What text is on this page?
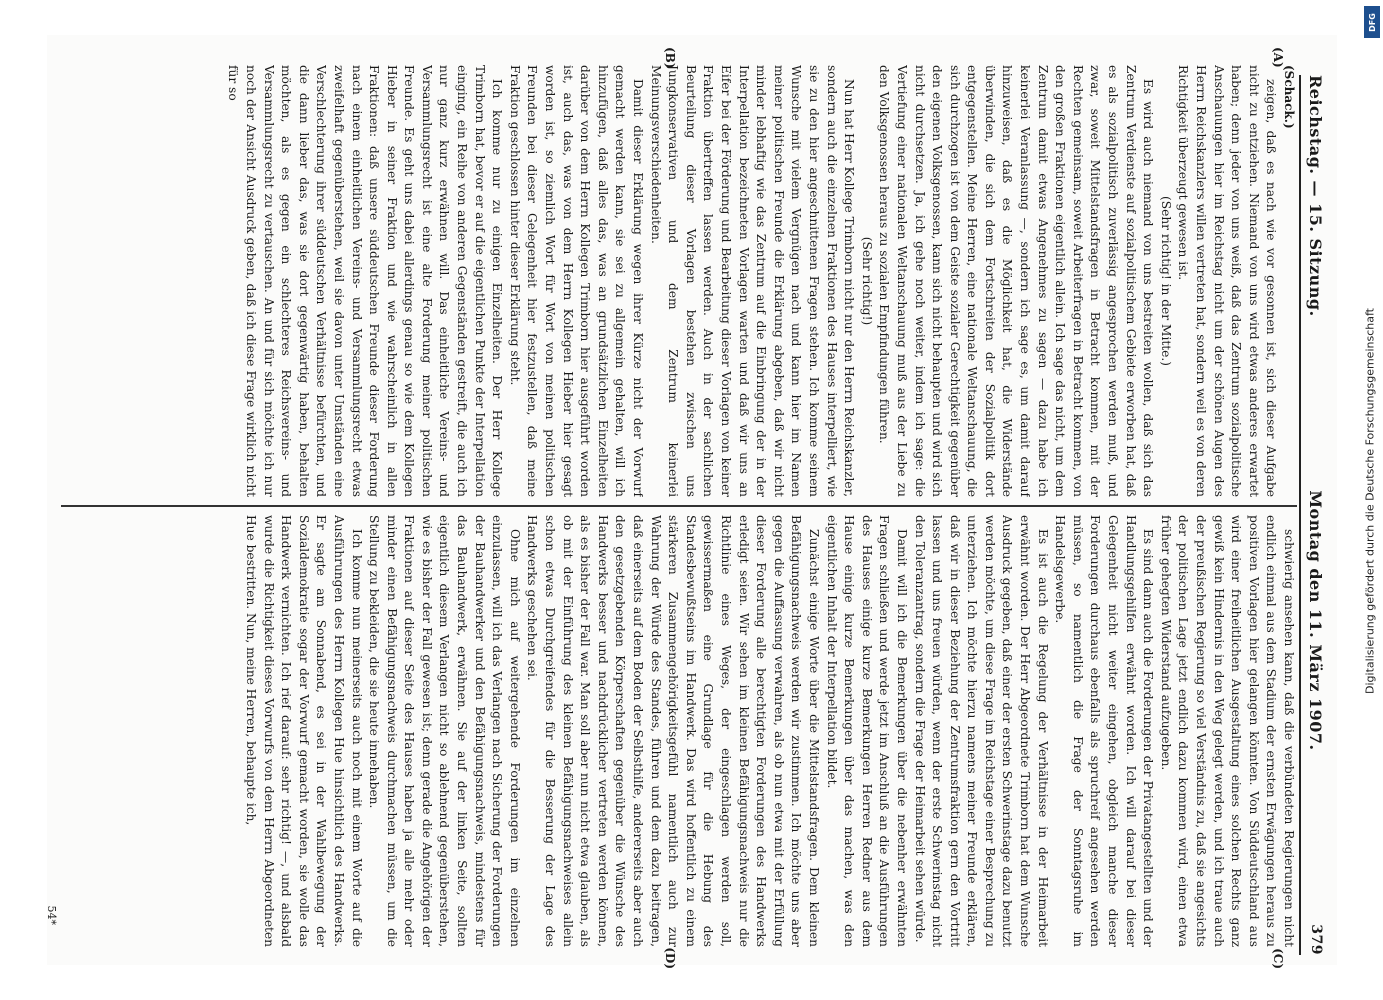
Reichstag. — 15. Sitzung.
Montag den 11. März 1907.
379
(A)
(B)
(C)
(D)
(Schack.)

zeigen, daß es nach wie vor gesonnen ist, sich dieser Aufgabe nicht zu entziehen. Niemand von uns wird etwas anderes erwartet haben; denn jeder von uns weiß, daß das Zentrum sozialpolitische Anschauungen hier im Reichstag nicht um der schönen Augen des Herrn Reichskanzlers willen vertreten hat, sondern weil es von deren Richtigkeit überzeugt gewesen ist.

(Sehr richtig! in der Mitte.)

Es wird auch niemand von uns bestreiten wollen, daß sich das Zentrum Verdienste auf sozialpolitischem Gebiete erworben hat, daß es als sozialpolitisch zuverlässig angesprochen werden muß, und zwar, soweit Mittelstandsfragen in Betracht kommen, mit der Rechten gemeinsam, soweit Arbeiterfragen in Betracht kommen, von den großen Fraktionen eigentlich allein. Ich sage das nicht, um dem Zentrum damit etwas Angenehmes zu sagen — dazu habe ich keinerlei Veranlassung —, sondern ich sage es, um damit darauf hinzuweisen, daß es die Möglichkeit hat, die Widerstände überwinden, die sich dem Fortschreiten der Sozialpolitik dort entgegenstellen. Meine Herren, eine nationale Weltanschauung, die sich durchzogen ist von dem Geiste sozialer Gerechtigkeit gegenüber den eigenen Volksgenossen, kann sich nicht behaupten und wird sich nicht durchsetzen. Ja, ich gehe noch weiter, indem ich sage: die Vertiefung einer nationalen Weltanschauung muß aus der Liebe zu den Volksgenossen heraus zu sozialen Empfindungen führen.

(Sehr richtig!)

Nun hat Herr Kollege Trimborn nicht nur den Herrn Reichskanzler, sondern auch die einzelnen Fraktionen des Hauses interpelliert, wie sie zu den hier angeschnittenen Fragen stehen. Ich komme seinem Wunsche mit vielem Vergnügen nach und kann hier im Namen meiner politischen Freunde die Erklärung abgeben, daß wir nicht minder lebhaftig wie das Zentrum auf die Einbringung der in der Interpellation bezeichneten Vorlagen warten und daß wir uns an Eifer bei der Förderung und Bearbeitung dieser Vorlagen von keiner Fraktion übertreffen lassen werden. Auch in der sachlichen Beurteilung dieser Vorlagen bestehen zwischen uns Jungkonservativen und dem Zentrum keinerlei Meinungsverschiedenheiten.

Damit dieser Erklärung wegen ihrer Kürze nicht der Vorwurf gemacht werden kann, sie sei zu allgemein gehalten, will ich hinzufügen, daß alles das, was an grundsätzlichen Einzelheiten darüber von dem Herrn Kollegen Trimborn hier ausgeführt worden ist, auch das, was von dem Herrn Kollegen Hieber hier gesagt worden ist, so ziemlich Wort für Wort von meinen politischen Freunden bei dieser Gelegenheit hier festzustellen, daß meine Fraktion geschlossen hinter dieser Erklärung steht.

Ich komme nur zu einigen Einzelheiten. Der Herr Kollege Trimborn hat, bevor er auf die eigentlichen Punkte der Interpellation einging, ein Reihe von anderen Gegenständen gestreift, die auch ich nur ganz kurz erwähnen will. Das einheitliche Vereins- und Versammlungsrecht ist eine alte Forderung meiner politischen Freunde. Es geht uns dabei allerdings genau so wie dem Kollegen Hieber in seiner Fraktion und wie wahrscheinlich in allen Fraktionen: daß unsere süddeutschen Freunde dieser Forderung nach einem einheitlichen Vereins- und Versammlungsrecht etwas zweifelhaft gegenüberstehen, weil sie davon unter Umständen eine Verschlechterung ihrer süddeutschen Verhältnisse befürchten, und die dann lieber das, was sie dort gegenwärtig haben, behalten möchten, als es gegen ein schlechteres Reichsvereins- und Versammlungsrecht zu vertauschen. An und für sich möchte ich nur noch der Ansicht Ausdruck geben, daß ich diese Frage wirklich nicht für so

schwierig ansehen kann, daß die verbündeten Regierungen nicht endlich einmal aus dem Stadium der ernsten Erwägungen heraus zu positiven Vorlagen hier gelangen könnten. Von Süddeutschland aus wird einer freiheitlichen Ausgestaltung eines solchen Rechts ganz gewiß kein Hindernis in den Weg gelegt werden, und ich traue auch der preußischen Regierung so viel Verständnis zu, daß sie angesichts der politischen Lage jetzt endlich dazu kommen wird, einen etwa früher gehegten Widerstand aufzugeben.

Es sind dann auch die Forderungen der Privatangestellten und der Handlungsgehilfen erwähnt worden. Ich will darauf bei dieser Gelegenheit nicht weiter eingehen, obgleich manche dieser Forderungen durchaus ebenfalls als spruchreif angesehen werden müssen, so namentlich die Frage der Sonntagsruhe im Handelsgewerbe.

Es ist auch die Regelung der Verhältnisse in der Heimarbeit erwähnt worden. Der Herr Abgeordnete Trimborn hat dem Wunsche Ausdruck gegeben, daß einer der ersten Schwerinstage dazu benutzt werden möchte, um diese Frage im Reichstage einer Besprechung zu unterziehen. Ich möchte hierzu namens meiner Freunde erklären, daß wir in dieser Beziehung der Zentrumsfraktion gern den Vortritt lassen und uns freuen würden, wenn der erste Schwerinstag nicht den Toleranzantrag, sondern die Frage der Heimarbeit sehen würde.

Damit will ich die Bemerkungen über die nebenher erwähnten Fragen schließen und werde jetzt im Anschluß an die Ausführungen des Hauses einige kurze Bemerkungen Herren Redner aus dem Hause einige kurze Bemerkungen über das machen, was den eigentlichen Inhalt der Interpellation bildet.

Zunächst einige Worte über die Mittelstandsfragen. Dem kleinen Befähigungsnachweis werden wir zustimmen. Ich möchte uns aber gegen die Auffassung verwahren, als ob nun etwa mit der Erfüllung dieser Forderung alle berechtigten Forderungen des Handwerks erledigt seien. Wir sehen im kleinen Befähigungsnachweis nur die Richtlinie eines Weges, der eingeschlagen werden soll, gewissermaßen eine Grundlage für die Hebung des Standesbewußtseins im Handwerk. Das wird hoffentlich zu einem stärkeren Zusammengehörigkeitsgefühl namentlich auch zur Wahrung der Würde des Standes, führen und dem dazu beitragen, daß einerseits auf dem Boden der Selbsthilfe, andererseits aber auch den gesetzgebenden Körperschaften gegenüber die Wünsche des Handwerks besser und nachdrücklicher vertreten werden können, als es bisher der Fall war. Man soll aber nun nicht etwa glauben, als ob mit der Einführung des kleinen Befähigungsnachweises allein schon etwas Durchgreifendes für die Besserung der Lage des Handwerks geschehen sei.

Ohne mich auf weitergehende Forderungen im einzelnen einzulassen, will ich das Verlangen nach Sicherung der Forderungen der Bauhandwerker und den Befähigungsnachweis, mindestens für das Bauhandwerk, erwähnen. Sie auf der linken Seite, sollten eigentlich diesem Verlangen nicht so ablehnend gegenüberstehen, wie es bisher der Fall gewesen ist; denn gerade die Angehörigen der Fraktionen auf dieser Seite des Hauses haben ja alle mehr oder minder einen Befähigungsnachweis durchmachen müssen, um die Stellung zu bekleiden, die sie heute innehaben.

Ich komme nun meinerseits auch noch mit einem Worte auf die Ausführungen des Herrn Kollegen Hue hinsichtlich des Handwerks. Er sagte am Sonnabend, es sei in der Wahlbewegung der Sozialdemokratie sogar der Vorwurf gemacht worden, sie wolle das Handwerk vernichten. Ich rief darauf: sehr richtig! —, und alsbald wurde die Richtigkeit dieses Vorwurfs von dem Herrn Abgeordneten Hue bestritten. Nun, meine Herren, behaupte ich,

54*
DFG
Digitalisierung gefördert durch die Deutsche Forschungsgemeinschaft
